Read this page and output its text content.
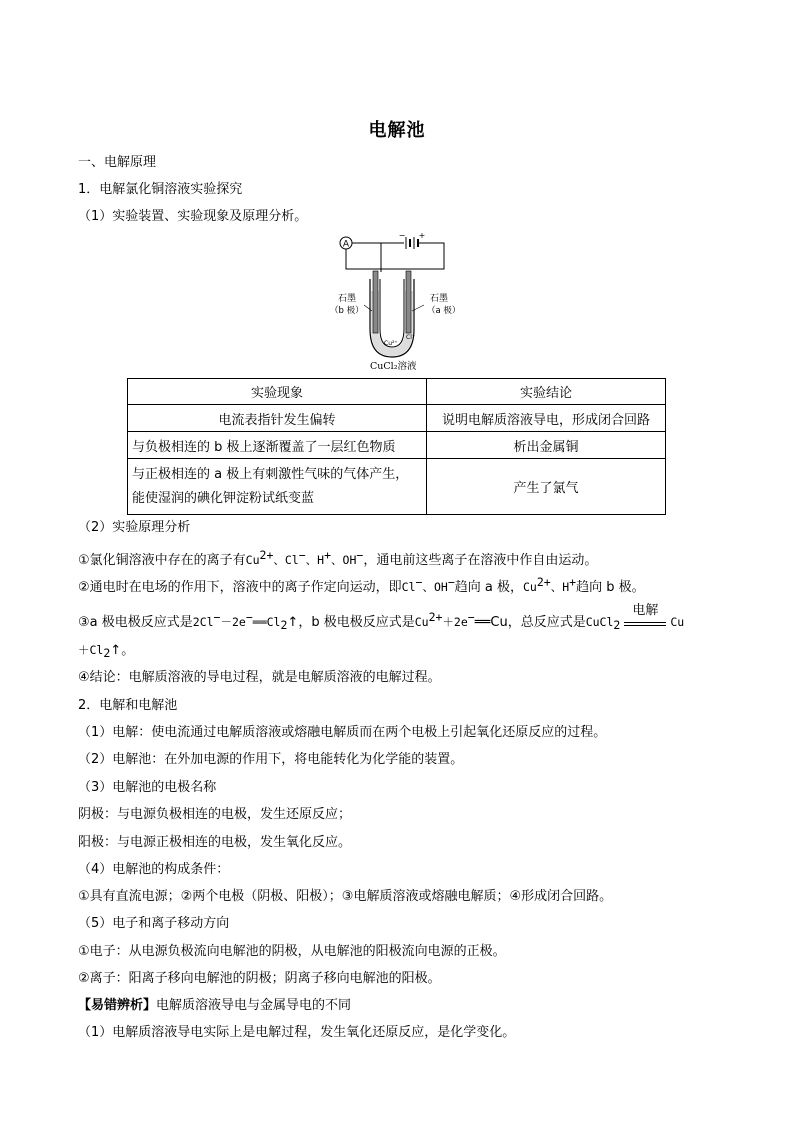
电解池
一、电解原理
1．电解氯化铜溶液实验探究
（1）实验装置、实验现象及原理分析。
A
− +
石墨
（b 极）
石墨
（a 极）
Cu²⁺
Cl⁻
CuCl₂溶液
实验现象	实验结论
电流表指针发生偏转	说明电解质溶液导电，形成闭合回路
与负极相连的 b 极上逐渐覆盖了一层红色物质	析出金属铜
与正极相连的 a 极上有刺激性气味的气体产生，
能使湿润的碘化钾淀粉试纸变蓝	产生了氯气
（2）实验原理分析
①氯化铜溶液中存在的离子有Cu2+、Cl−、H+、OH−，通电前这些离子在溶液中作自由运动。
②通电时在电场的作用下，溶液中的离子作定向运动，即Cl−、OH−趋向 a 极，Cu2+、H+趋向 b 极。
③a 极电极反应式是2Cl−－2e−══Cl2↑，b 极电极反应式是Cu2+＋2e−══Cu，总反应式是CuCl2
电解
Cu
＋Cl2↑。
④结论：电解质溶液的导电过程，就是电解质溶液的电解过程。
2．电解和电解池
（1）电解：使电流通过电解质溶液或熔融电解质而在两个电极上引起氧化还原反应的过程。
（2）电解池：在外加电源的作用下，将电能转化为化学能的装置。
（3）电解池的电极名称
阴极：与电源负极相连的电极，发生还原反应；
阳极：与电源正极相连的电极，发生氧化反应。
（4）电解池的构成条件：
①具有直流电源；②两个电极（阴极、阳极）；③电解质溶液或熔融电解质；④形成闭合回路。
（5）电子和离子移动方向
①电子：从电源负极流向电解池的阴极，从电解池的阳极流向电源的正极。
②离子：阳离子移向电解池的阴极；阴离子移向电解池的阳极。
【易错辨析】电解质溶液导电与金属导电的不同
（1）电解质溶液导电实际上是电解过程，发生氧化还原反应，是化学变化。
